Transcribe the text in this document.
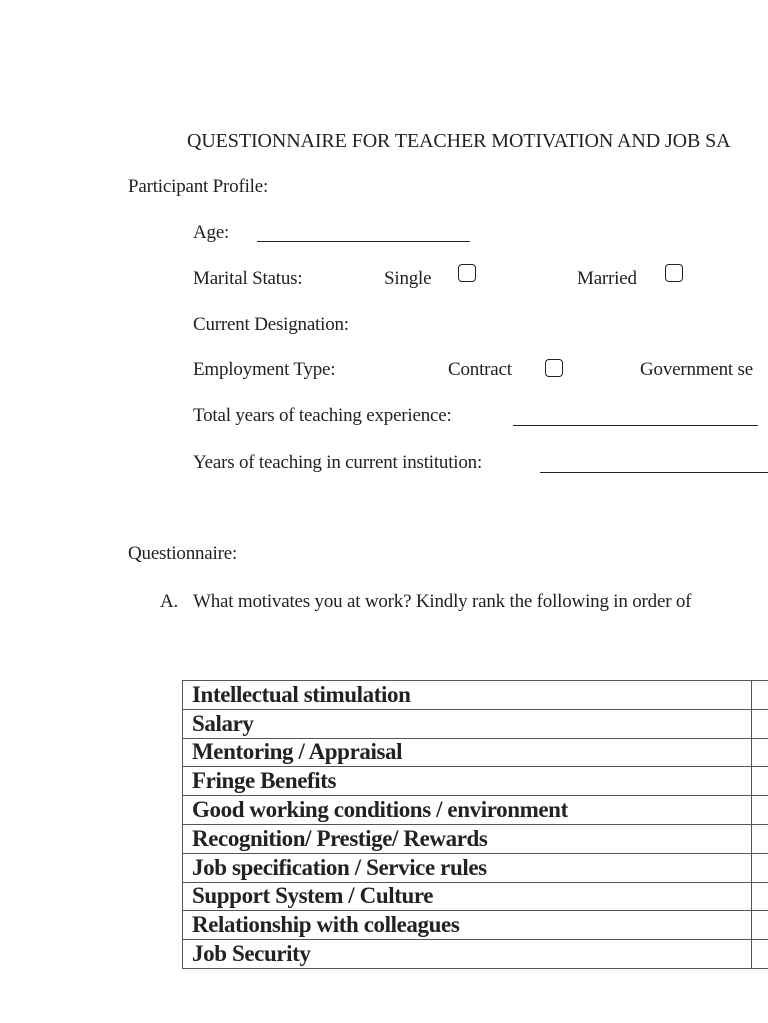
QUESTIONNAIRE FOR TEACHER MOTIVATION AND JOB SA
Participant Profile:
Age:
Marital Status:	Single	Married
Current Designation:
Employment Type:	Contract	Government se
Total years of teaching experience:
Years of teaching in current institution:
Questionnaire:
A. What motivates you at work? Kindly rank the following in order of
Intellectual stimulation	
Salary	
Mentoring / Appraisal	
Fringe Benefits	
Good working conditions / environment	
Recognition/ Prestige/ Rewards	
Job specification / Service rules	
Support System / Culture	
Relationship with colleagues	
Job Security	
